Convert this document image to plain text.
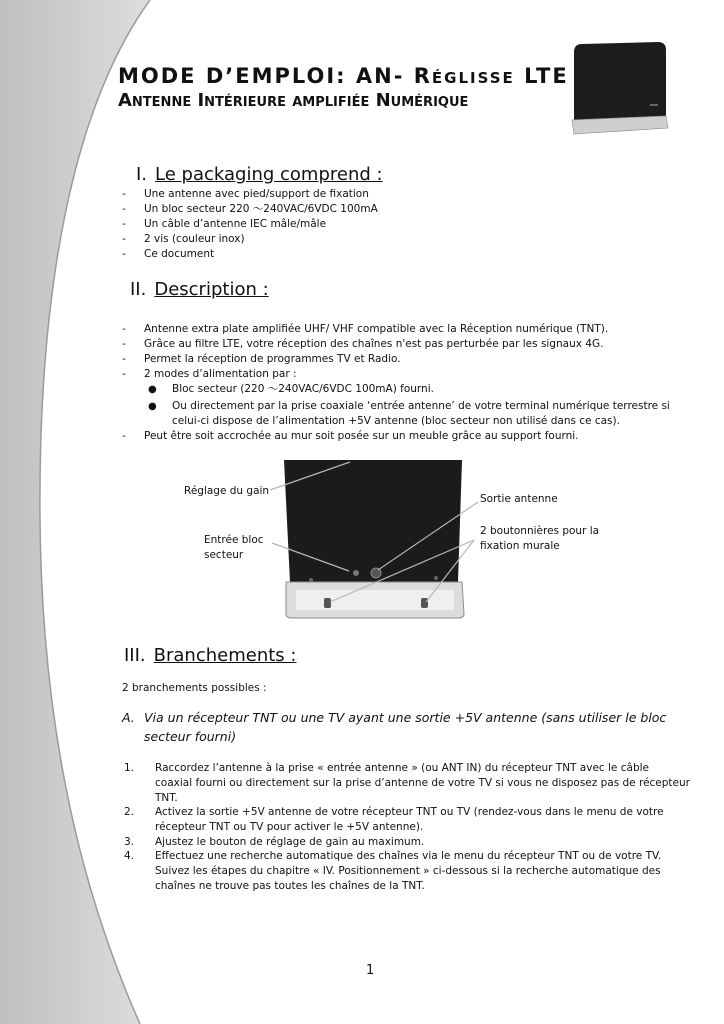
MODE D’EMPLOI: AN- Réglisse LTE
Antenne Intérieure amplifiée Numérique
I. Le packaging comprend :
- Une antenne avec pied/support de fixation
- Un bloc secteur 220 ～240VAC/6VDC 100mA
- Un câble d’antenne IEC mâle/mâle
- 2 vis (couleur inox)
- Ce document
II. Description :
- Antenne extra plate amplifiée UHF/ VHF compatible avec la Réception numérique (TNT).
- Grâce au filtre LTE, votre réception des chaînes n'est pas perturbée par les signaux 4G.
- Permet la réception de programmes TV et Radio.
- 2 modes d’alimentation par :
● Bloc secteur (220 ～240VAC/6VDC 100mA) fourni.
● Ou directement par la prise coaxiale ‘entrée antenne’ de votre terminal numérique terrestre si
celui-ci dispose de l’alimentation +5V antenne (bloc secteur non utilisé dans ce cas).
- Peut être soit accrochée au mur soit posée sur un meuble grâce au support fourni.
Réglage du gain
Entrée bloc
secteur
Sortie antenne
2 boutonnières pour la
fixation murale
III. Branchements :
2 branchements possibles :
A. Via un récepteur TNT ou une TV ayant une sortie +5V antenne (sans utiliser le bloc
secteur fourni)
1. Raccordez l’antenne à la prise « entrée antenne » (ou ANT IN) du récepteur TNT avec le câble
coaxial fourni ou directement sur la prise d’antenne de votre TV si vous ne disposez pas de récepteur
TNT.
2. Activez la sortie +5V antenne de votre récepteur TNT ou TV (rendez-vous dans le menu de votre
récepteur TNT ou TV pour activer le +5V antenne).
3. Ajustez le bouton de réglage de gain au maximum.
4. Effectuez une recherche automatique des chaînes via le menu du récepteur TNT ou de votre TV.
Suivez les étapes du chapitre « IV. Positionnement » ci-dessous si la recherche automatique des
chaînes ne trouve pas toutes les chaînes de la TNT.
1
